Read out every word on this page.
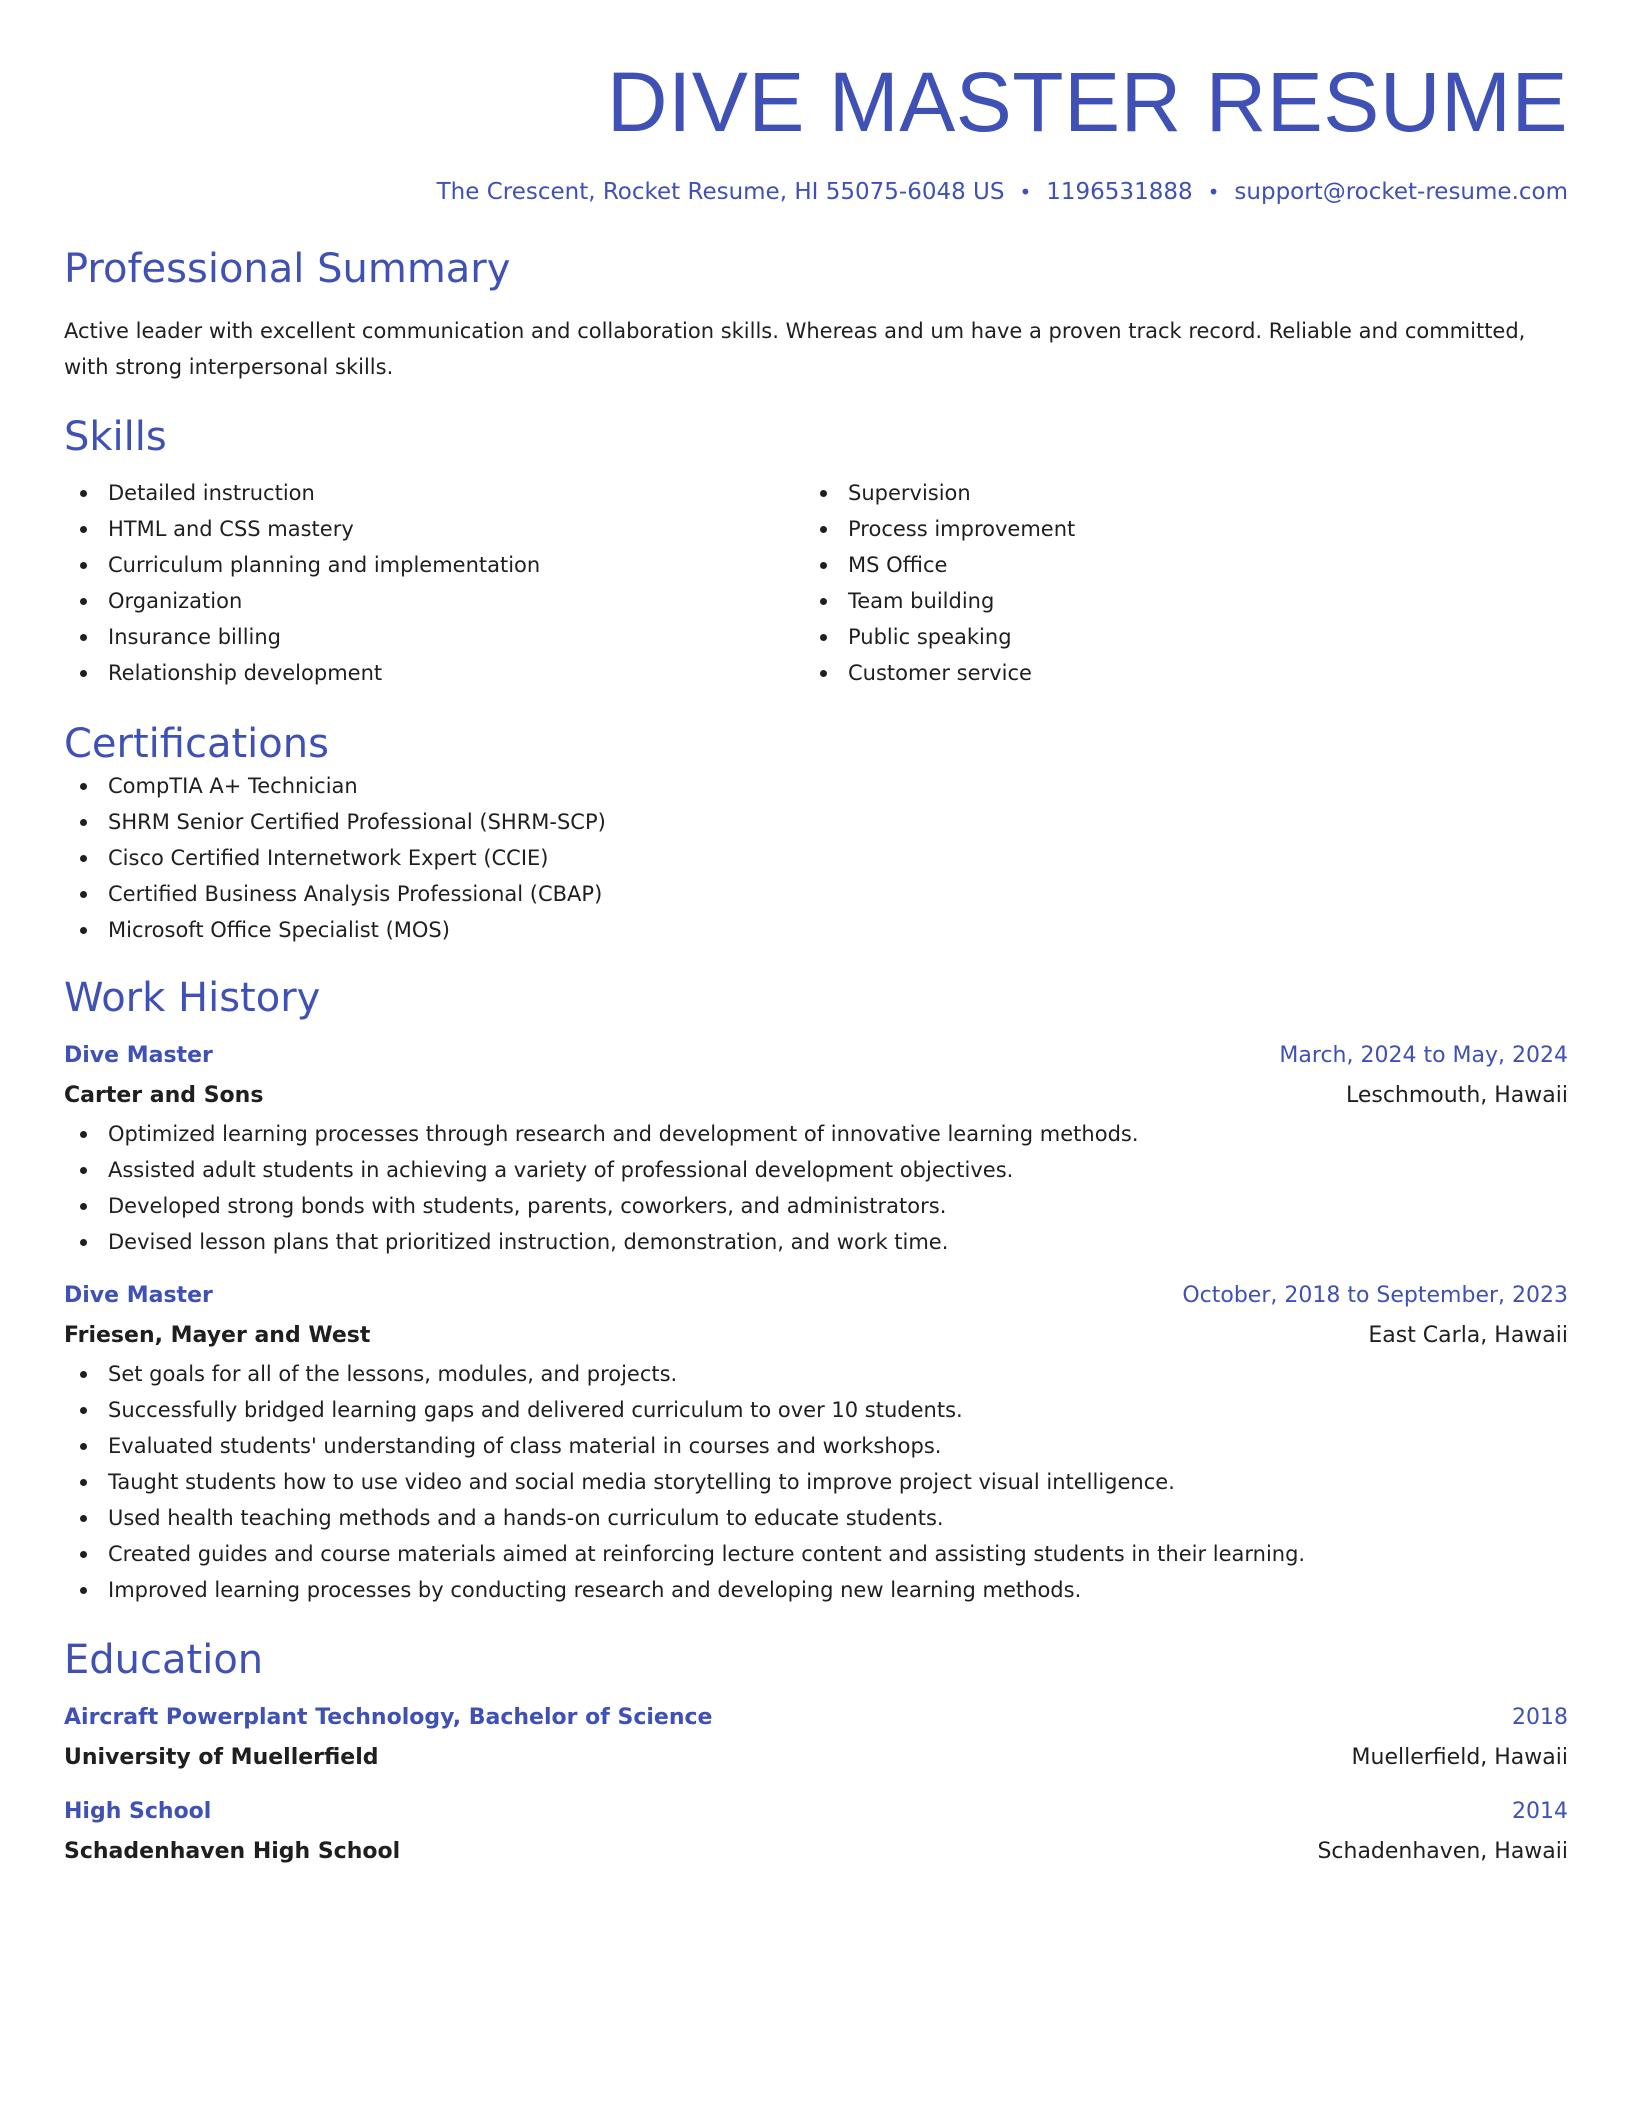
DIVE MASTER RESUME
The Crescent, Rocket Resume, HI 55075-6048 US • 1196531888 • support@rocket-resume.com
Professional Summary

Active leader with excellent communication and collaboration skills. Whereas and um have a proven track record. Reliable and committed, with strong interpersonal skills.

Skills
Detailed instruction
HTML and CSS mastery
Curriculum planning and implementation
Organization
Insurance billing
Relationship development
Supervision
Process improvement
MS Office
Team building
Public speaking
Customer service
Certifications
CompTIA A+ Technician
SHRM Senior Certified Professional (SHRM-SCP)
Cisco Certified Internetwork Expert (CCIE)
Certified Business Analysis Professional (CBAP)
Microsoft Office Specialist (MOS)
Work History
Dive Master	March, 2024 to May, 2024
Carter and Sons	Leschmouth, Hawaii
Optimized learning processes through research and development of innovative learning methods.
Assisted adult students in achieving a variety of professional development objectives.
Developed strong bonds with students, parents, coworkers, and administrators.
Devised lesson plans that prioritized instruction, demonstration, and work time.
Dive Master	October, 2018 to September, 2023
Friesen, Mayer and West	East Carla, Hawaii
Set goals for all of the lessons, modules, and projects.
Successfully bridged learning gaps and delivered curriculum to over 10 students.
Evaluated students' understanding of class material in courses and workshops.
Taught students how to use video and social media storytelling to improve project visual intelligence.
Used health teaching methods and a hands-on curriculum to educate students.
Created guides and course materials aimed at reinforcing lecture content and assisting students in their learning.
Improved learning processes by conducting research and developing new learning methods.
Education
Aircraft Powerplant Technology, Bachelor of Science	2018
University of Muellerfield	Muellerfield, Hawaii
High School	2014
Schadenhaven High School	Schadenhaven, Hawaii
